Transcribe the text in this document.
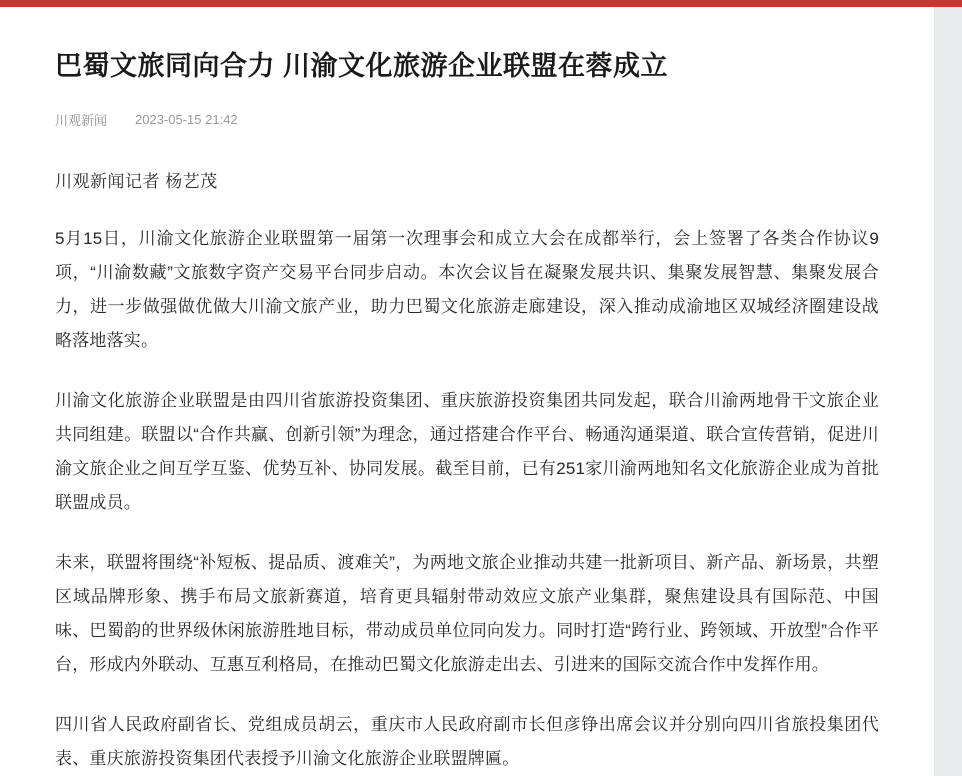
巴蜀文旅同向合力 川渝文化旅游企业联盟在蓉成立
川观新闻 2023-05-15 21:42
川观新闻记者 杨艺茂

5月15日，川渝文化旅游企业联盟第一届第一次理事会和成立大会在成都举行，会上签署了各类合作协议9项，“川渝数藏”文旅数字资产交易平台同步启动。本次会议旨在凝聚发展共识、集聚发展智慧、集聚发展合力，进一步做强做优做大川渝文旅产业，助力巴蜀文化旅游走廊建设，深入推动成渝地区双城经济圈建设战略落地落实。

川渝文化旅游企业联盟是由四川省旅游投资集团、重庆旅游投资集团共同发起，联合川渝两地骨干文旅企业共同组建。联盟以“合作共赢、创新引领”为理念，通过搭建合作平台、畅通沟通渠道、联合宣传营销，促进川渝文旅企业之间互学互鉴、优势互补、协同发展。截至目前，已有251家川渝两地知名文化旅游企业成为首批联盟成员。

未来，联盟将围绕“补短板、提品质、渡难关”，为两地文旅企业推动共建一批新项目、新产品、新场景，共塑区域品牌形象、携手布局文旅新赛道，培育更具辐射带动效应文旅产业集群，聚焦建设具有国际范、中国味、巴蜀韵的世界级休闲旅游胜地目标，带动成员单位同向发力。同时打造“跨行业、跨领域、开放型”合作平台，形成内外联动、互惠互利格局，在推动巴蜀文化旅游走出去、引进来的国际交流合作中发挥作用。

四川省人民政府副省长、党组成员胡云，重庆市人民政府副市长但彦铮出席会议并分别向四川省旅投集团代表、重庆旅游投资集团代表授予川渝文化旅游企业联盟牌匾。
